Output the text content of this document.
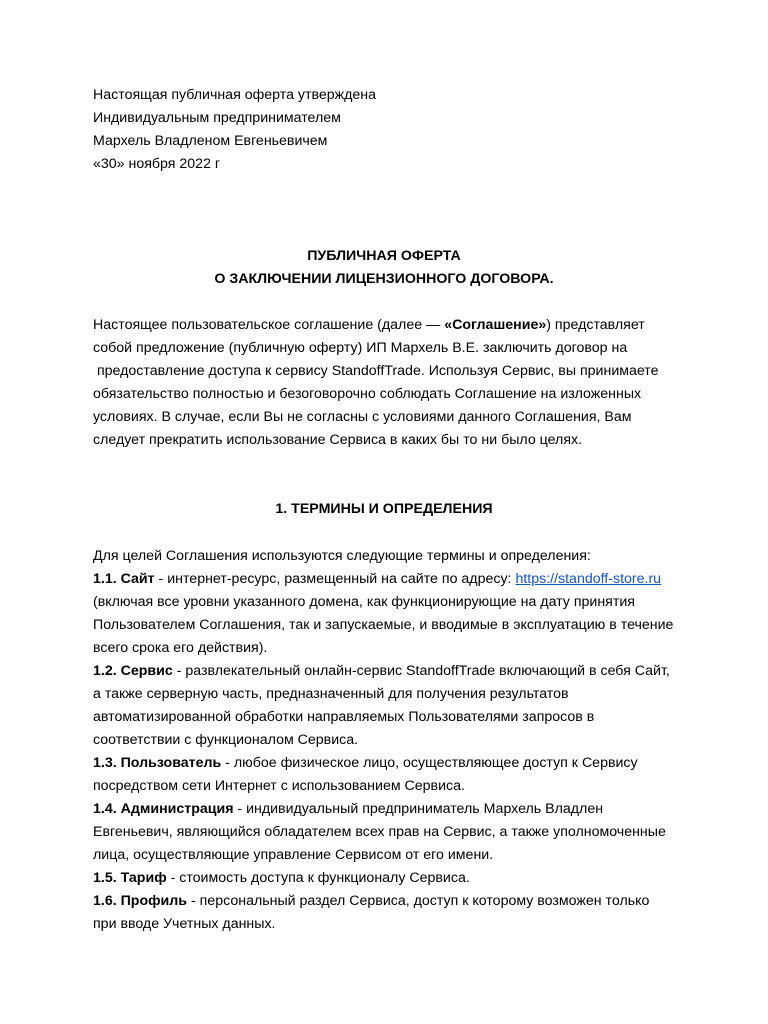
Настоящая публичная оферта утверждена
Индивидуальным предпринимателем
Мархель Владленом Евгеньевичем
«30» ноября 2022 г
ПУБЛИЧНАЯ ОФЕРТА
О ЗАКЛЮЧЕНИИ ЛИЦЕНЗИОННОГО ДОГОВОРА.
Настоящее пользовательское соглашение (далее — «Соглашение») представляет
собой предложение (публичную оферту) ИП Мархель В.Е. заключить договор на
предоставление доступа к сервису StandoffTrade. Используя Сервис, вы принимаете
обязательство полностью и безоговорочно соблюдать Соглашение на изложенных
условиях. В случае, если Вы не согласны с условиями данного Соглашения, Вам
следует прекратить использование Сервиса в каких бы то ни было целях.
1. ТЕРМИНЫ И ОПРЕДЕЛЕНИЯ
Для целей Соглашения используются следующие термины и определения:
1.1. Сайт - интернет-ресурс, размещенный на сайте по адресу: https://standoff-store.ru
(включая все уровни указанного домена, как функционирующие на дату принятия
Пользователем Соглашения, так и запускаемые, и вводимые в эксплуатацию в течение
всего срока его действия).
1.2. Сервис - развлекательный онлайн-сервис StandoffTrade включающий в себя Сайт,
а также серверную часть, предназначенный для получения результатов
автоматизированной обработки направляемых Пользователями запросов в
соответствии с функционалом Сервиса.
1.3. Пользователь - любое физическое лицо, осуществляющее доступ к Сервису
посредством сети Интернет с использованием Сервиса.
1.4. Администрация - индивидуальный предприниматель Мархель Владлен
Евгеньевич, являющийся обладателем всех прав на Сервис, а также уполномоченные
лица, осуществляющие управление Сервисом от его имени.
1.5. Тариф - стоимость доступа к функционалу Сервиса.
1.6. Профиль - персональный раздел Сервиса, доступ к которому возможен только
при вводе Учетных данных.
